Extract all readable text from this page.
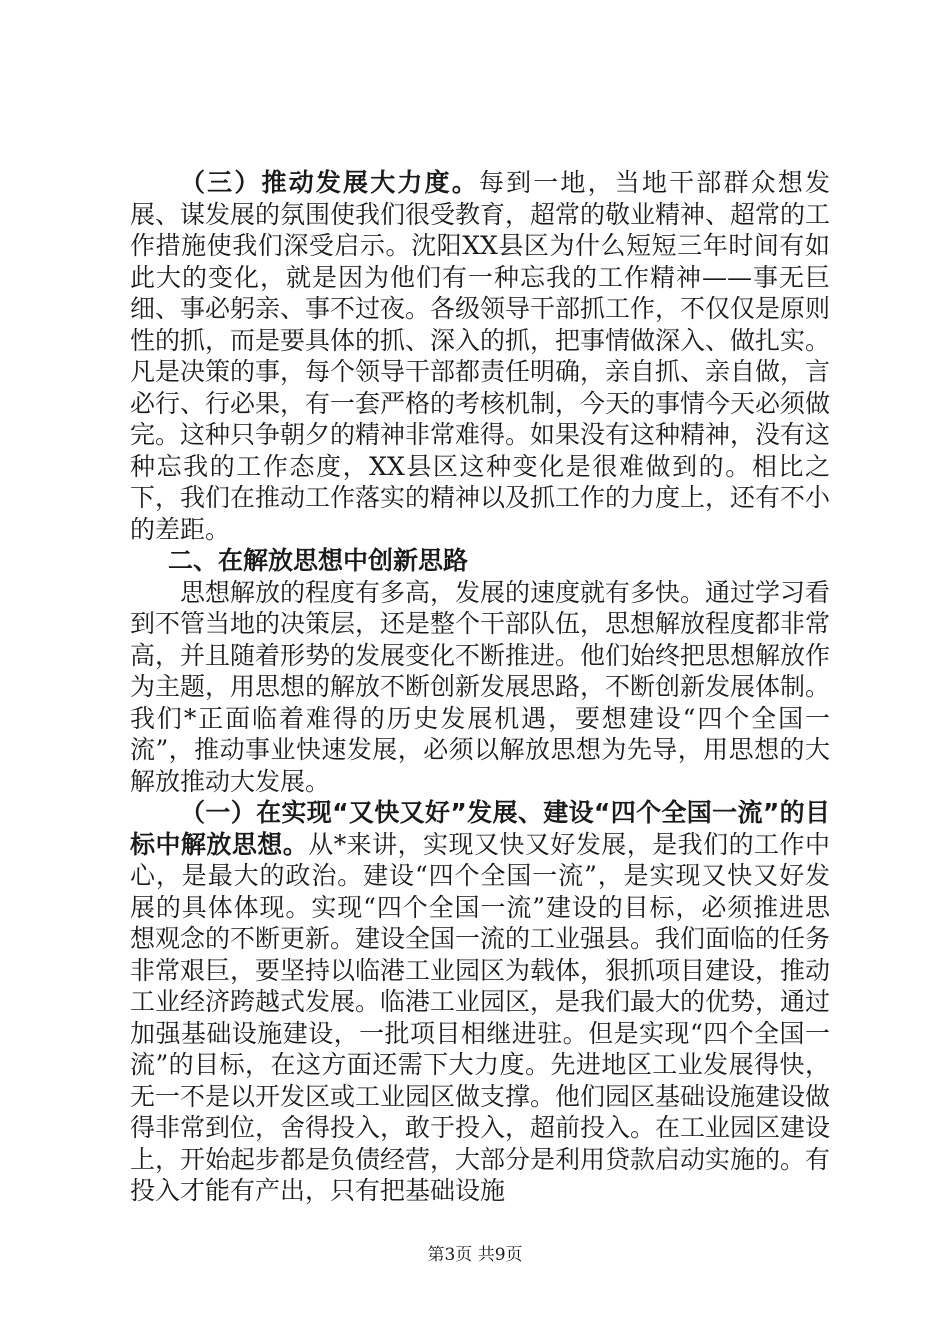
（三）推动发展大力度。每到一地，当地干部群众想发展、谋发展的氛围使我们很受教育，超常的敬业精神、超常的工作措施使我们深受启示。沈阳XX县区为什么短短三年时间有如此大的变化，就是因为他们有一种忘我的工作精神——事无巨细、事必躬亲、事不过夜。各级领导干部抓工作，不仅仅是原则性的抓，而是要具体的抓、深入的抓，把事情做深入、做扎实。凡是决策的事，每个领导干部都责任明确，亲自抓、亲自做，言必行、行必果，有一套严格的考核机制，今天的事情今天必须做完。这种只争朝夕的精神非常难得。如果没有这种精神，没有这种忘我的工作态度，XX县区这种变化是很难做到的。相比之下，我们在推动工作落实的精神以及抓工作的力度上，还有不小的差距。

二、在解放思想中创新思路

思想解放的程度有多高，发展的速度就有多快。通过学习看到不管当地的决策层，还是整个干部队伍，思想解放程度都非常高，并且随着形势的发展变化不断推进。他们始终把思想解放作为主题，用思想的解放不断创新发展思路，不断创新发展体制。我们*正面临着难得的历史发展机遇，要想建设“四个全国一流”，推动事业快速发展，必须以解放思想为先导，用思想的大解放推动大发展。

（一）在实现“又快又好”发展、建设“四个全国一流”的目标中解放思想。从*来讲，实现又快又好发展，是我们的工作中心，是最大的政治。建设“四个全国一流”，是实现又快又好发展的具体体现。实现“四个全国一流”建设的目标，必须推进思想观念的不断更新。建设全国一流的工业强县。我们面临的任务非常艰巨，要坚持以临港工业园区为载体，狠抓项目建设，推动工业经济跨越式发展。临港工业园区，是我们最大的优势，通过加强基础设施建设，一批项目相继进驻。但是实现“四个全国一流”的目标，在这方面还需下大力度。先进地区工业发展得快，无一不是以开发区或工业园区做支撑。他们园区基础设施建设做得非常到位，舍得投入，敢于投入，超前投入。在工业园区建设上，开始起步都是负债经营，大部分是利用贷款启动实施的。有投入才能有产出，只有把基础设施

第3页 共9页
